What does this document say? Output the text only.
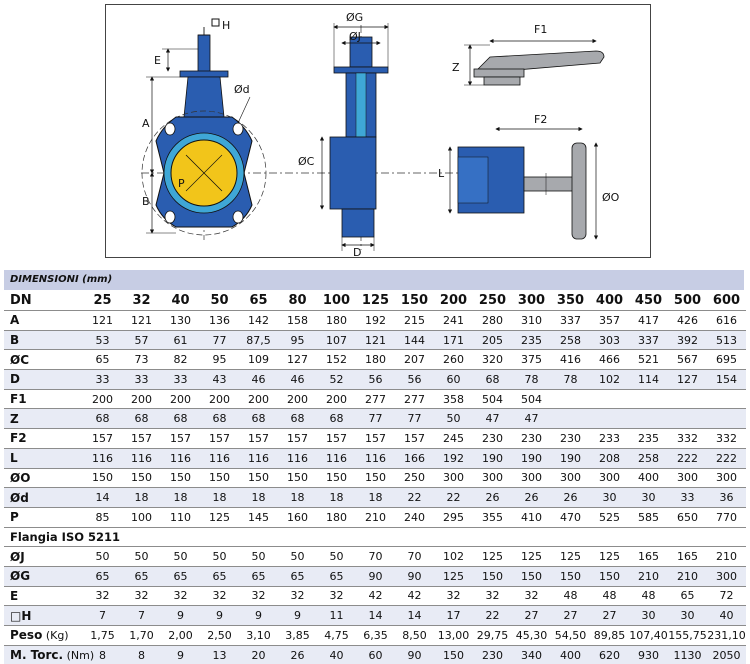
H
E
A
B
P
Ød
ØG
ØJ
ØC
D
F1
Z
F2
L
ØO
DIMENSIONI (mm)
DN	25	32	40	50	65	80	100	125	150	200	250	300	350	400	450	500	600
A	121	121	130	136	142	158	180	192	215	241	280	310	337	357	417	426	616
B	53	57	61	77	87,5	95	107	121	144	171	205	235	258	303	337	392	513
ØC	65	73	82	95	109	127	152	180	207	260	320	375	416	466	521	567	695
D	33	33	33	43	46	46	52	56	56	60	68	78	78	102	114	127	154
F1	200	200	200	200	200	200	200	277	277	358	504	504					
Z	68	68	68	68	68	68	68	77	77	50	47	47					
F2	157	157	157	157	157	157	157	157	157	245	230	230	230	233	235	332	332
L	116	116	116	116	116	116	116	116	166	192	190	190	190	208	258	222	222
ØO	150	150	150	150	150	150	150	150	250	300	300	300	300	300	400	300	300
Ød	14	18	18	18	18	18	18	18	22	22	26	26	26	30	30	33	36
P	85	100	110	125	145	160	180	210	240	295	355	410	470	525	585	650	770
Flangia ISO 5211																	
ØJ	50	50	50	50	50	50	50	70	70	102	125	125	125	125	165	165	210
ØG	65	65	65	65	65	65	65	90	90	125	150	150	150	150	210	210	300
E	32	32	32	32	32	32	32	42	42	32	32	32	48	48	48	65	72
□H	7	7	9	9	9	9	11	14	14	17	22	27	27	27	30	30	40
Peso (Kg)	1,75	1,70	2,00	2,50	3,10	3,85	4,75	6,35	8,50	13,00	29,75	45,30	54,50	89,85	107,40	155,75	231,10
M. Torc. (Nm)	8	8	9	13	20	26	40	60	90	150	230	340	400	620	930	1130	2050
